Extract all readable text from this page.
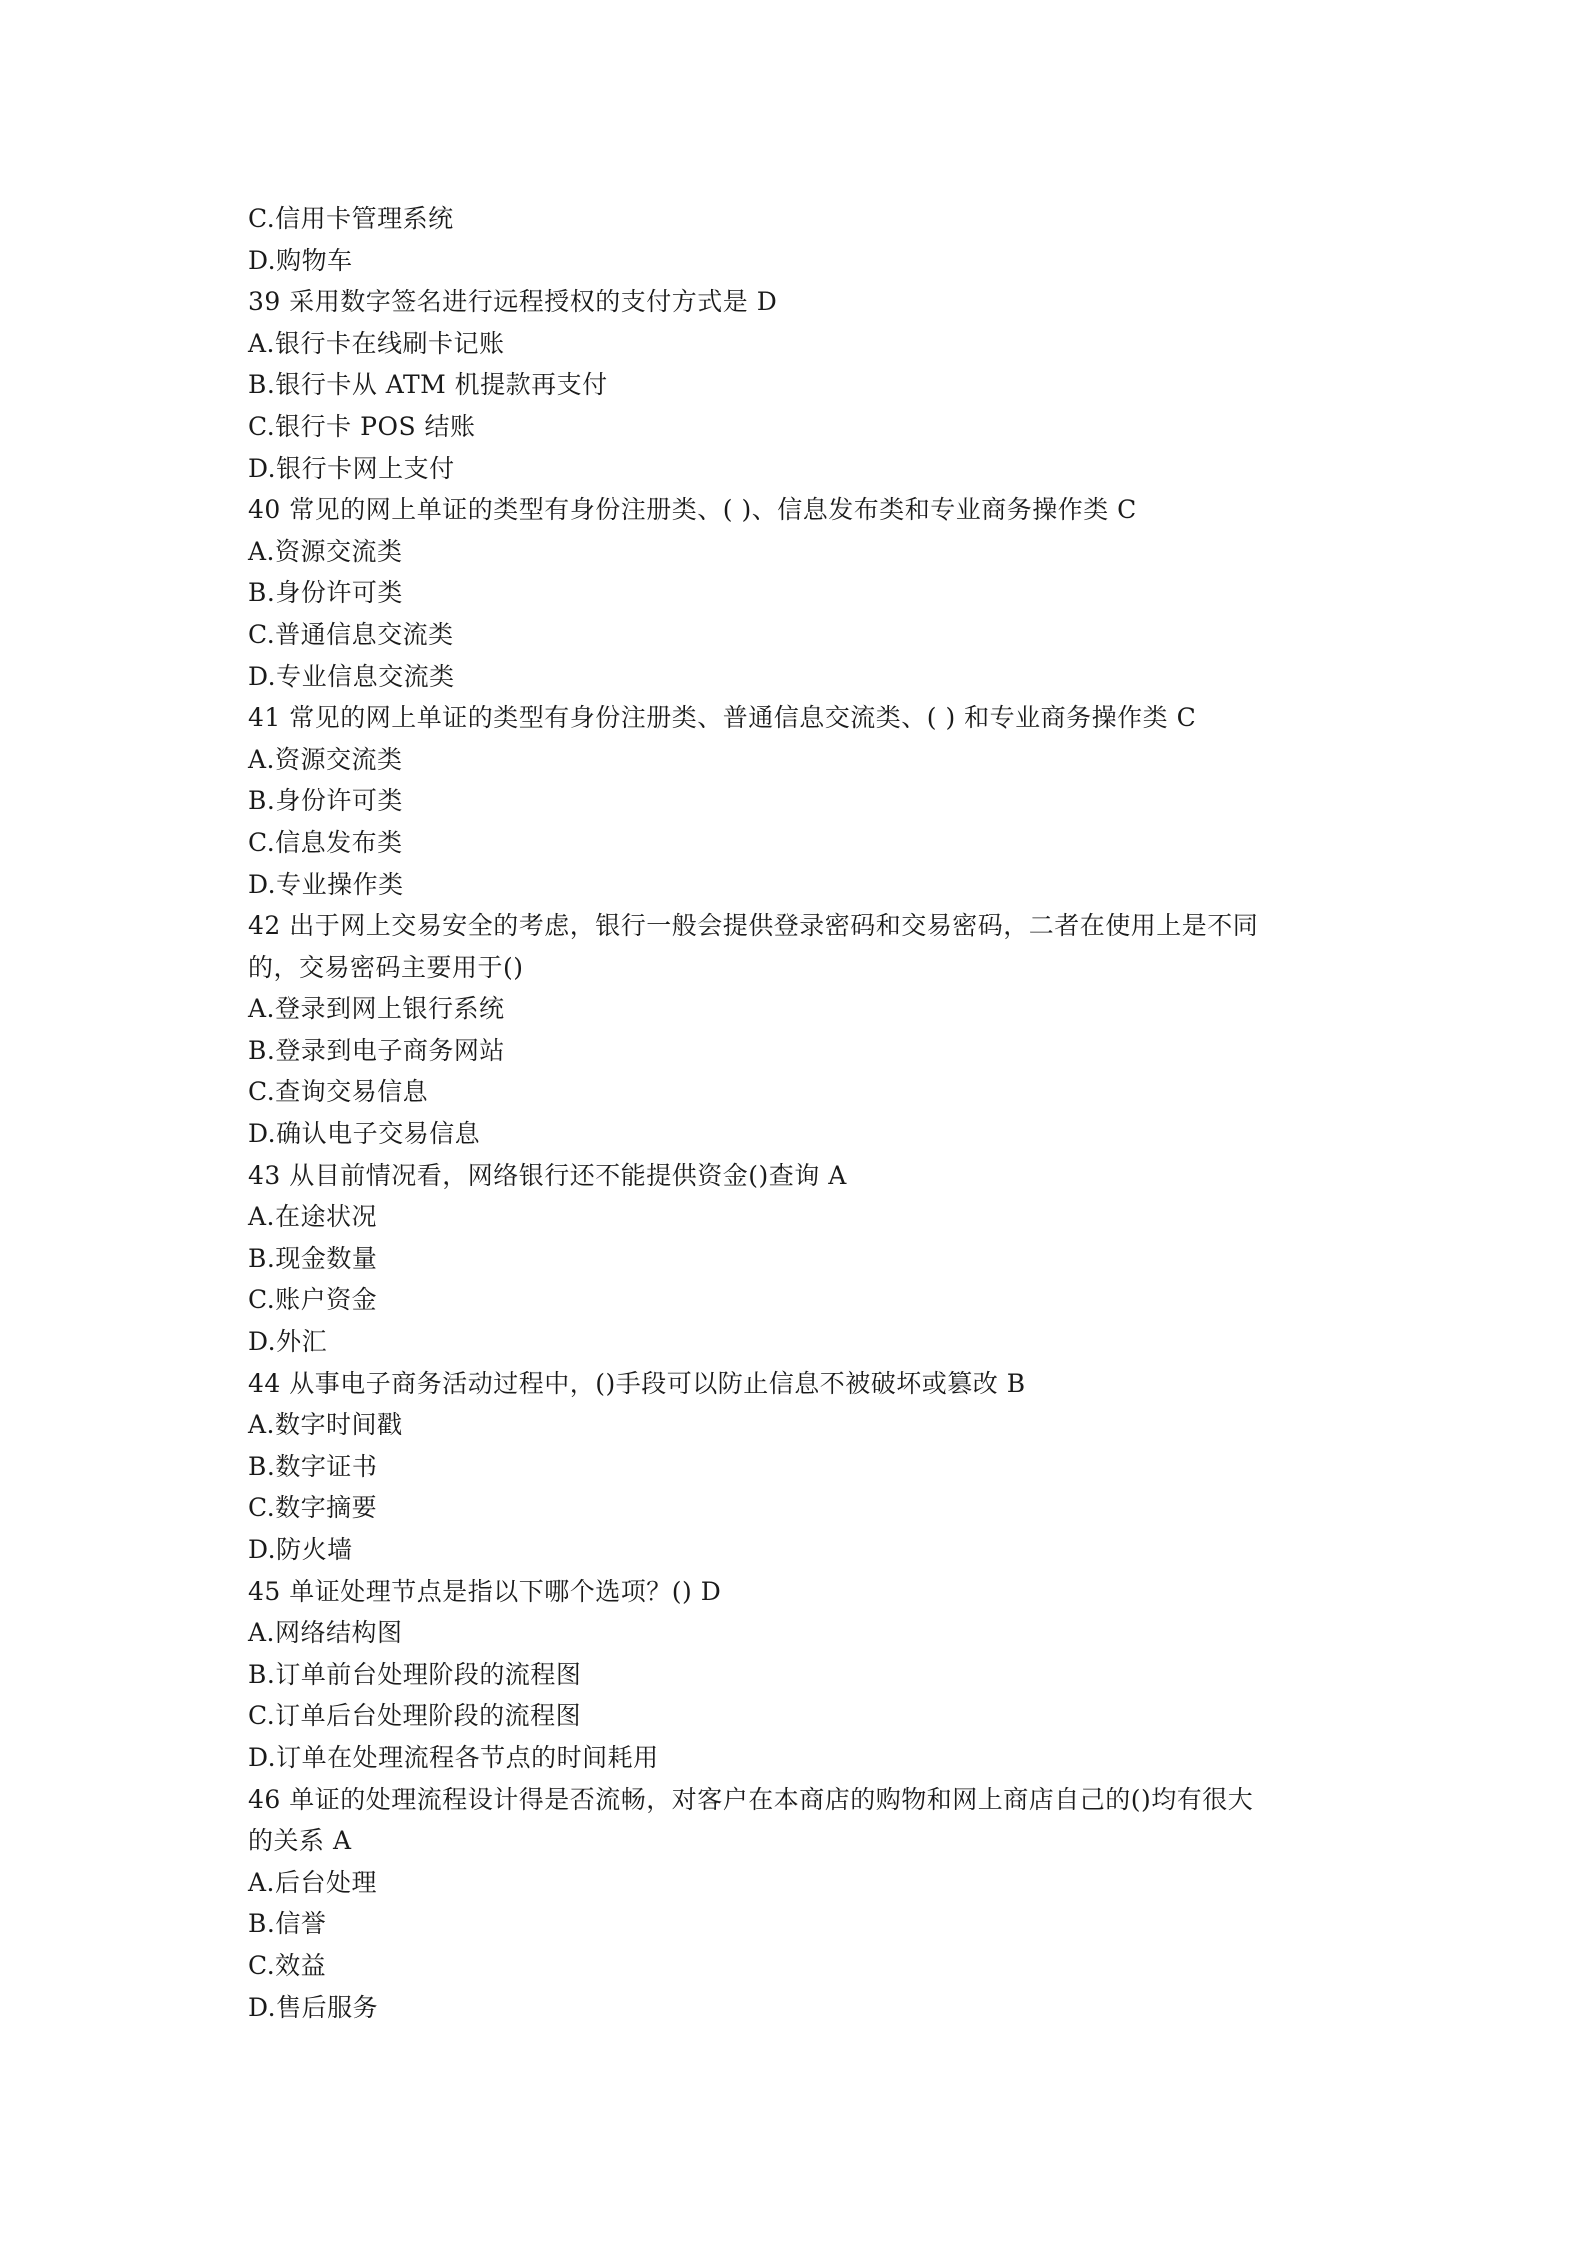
C.信用卡管理系统
D.购物车
39 采用数字签名进行远程授权的支付方式是 D
A.银行卡在线刷卡记账
B.银行卡从 ATM 机提款再支付
C.银行卡 POS 结账
D.银行卡网上支付
40 常见的网上单证的类型有身份注册类、( )、信息发布类和专业商务操作类 C
A.资源交流类
B.身份许可类
C.普通信息交流类
D.专业信息交流类
41 常见的网上单证的类型有身份注册类、普通信息交流类、( ) 和专业商务操作类 C
A.资源交流类
B.身份许可类
C.信息发布类
D.专业操作类
42 出于网上交易安全的考虑，银行一般会提供登录密码和交易密码，二者在使用上是不同
的，交易密码主要用于()
A.登录到网上银行系统
B.登录到电子商务网站
C.查询交易信息
D.确认电子交易信息
43 从目前情况看，网络银行还不能提供资金()查询 A
A.在途状况
B.现金数量
C.账户资金
D.外汇
44 从事电子商务活动过程中，()手段可以防止信息不被破坏或篡改 B
A.数字时间戳
B.数字证书
C.数字摘要
D.防火墙
45 单证处理节点是指以下哪个选项？() D
A.网络结构图
B.订单前台处理阶段的流程图
C.订单后台处理阶段的流程图
D.订单在处理流程各节点的时间耗用
46 单证的处理流程设计得是否流畅，对客户在本商店的购物和网上商店自己的()均有很大
的关系 A
A.后台处理
B.信誉
C.效益
D.售后服务
